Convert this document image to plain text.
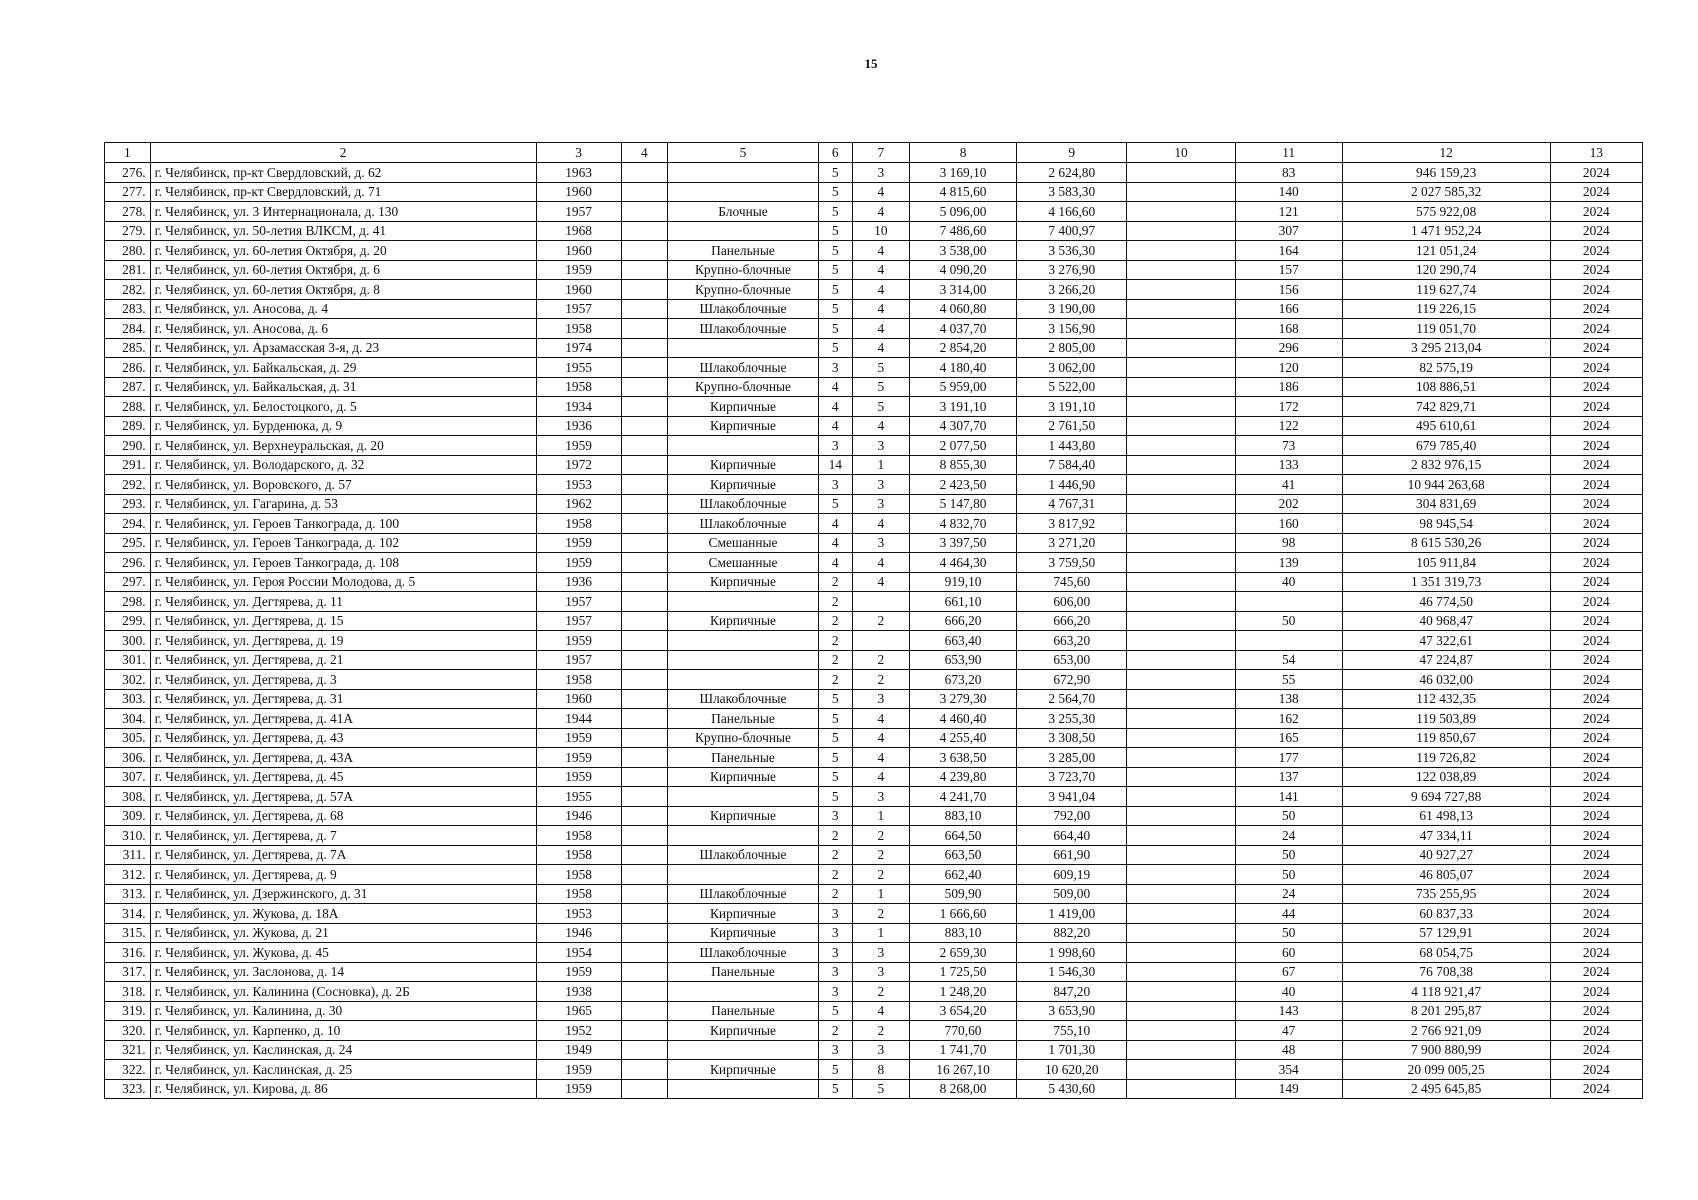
15
1	2	3	4	5	6	7	8	9	10	11	12	13
276.	г. Челябинск, пр-кт Свердловский, д. 62	1963			5	3	3 169,10	2 624,80		83	946 159,23	2024
277.	г. Челябинск, пр-кт Свердловский, д. 71	1960			5	4	4 815,60	3 583,30		140	2 027 585,32	2024
278.	г. Челябинск, ул. 3 Интернационала, д. 130	1957		Блочные	5	4	5 096,00	4 166,60		121	575 922,08	2024
279.	г. Челябинск, ул. 50-летия ВЛКСМ, д. 41	1968			5	10	7 486,60	7 400,97		307	1 471 952,24	2024
280.	г. Челябинск, ул. 60-летия Октября, д. 20	1960		Панельные	5	4	3 538,00	3 536,30		164	121 051,24	2024
281.	г. Челябинск, ул. 60-летия Октября, д. 6	1959		Крупно-блочные	5	4	4 090,20	3 276,90		157	120 290,74	2024
282.	г. Челябинск, ул. 60-летия Октября, д. 8	1960		Крупно-блочные	5	4	3 314,00	3 266,20		156	119 627,74	2024
283.	г. Челябинск, ул. Аносова, д. 4	1957		Шлакоблочные	5	4	4 060,80	3 190,00		166	119 226,15	2024
284.	г. Челябинск, ул. Аносова, д. 6	1958		Шлакоблочные	5	4	4 037,70	3 156,90		168	119 051,70	2024
285.	г. Челябинск, ул. Арзамасская 3-я, д. 23	1974			5	4	2 854,20	2 805,00		296	3 295 213,04	2024
286.	г. Челябинск, ул. Байкальская, д. 29	1955		Шлакоблочные	3	5	4 180,40	3 062,00		120	82 575,19	2024
287.	г. Челябинск, ул. Байкальская, д. 31	1958		Крупно-блочные	4	5	5 959,00	5 522,00		186	108 886,51	2024
288.	г. Челябинск, ул. Белостоцкого, д. 5	1934		Кирпичные	4	5	3 191,10	3 191,10		172	742 829,71	2024
289.	г. Челябинск, ул. Бурденюка, д. 9	1936		Кирпичные	4	4	4 307,70	2 761,50		122	495 610,61	2024
290.	г. Челябинск, ул. Верхнеуральская, д. 20	1959			3	3	2 077,50	1 443,80		73	679 785,40	2024
291.	г. Челябинск, ул. Володарского, д. 32	1972		Кирпичные	14	1	8 855,30	7 584,40		133	2 832 976,15	2024
292.	г. Челябинск, ул. Воровского, д. 57	1953		Кирпичные	3	3	2 423,50	1 446,90		41	10 944 263,68	2024
293.	г. Челябинск, ул. Гагарина, д. 53	1962		Шлакоблочные	5	3	5 147,80	4 767,31		202	304 831,69	2024
294.	г. Челябинск, ул. Героев Танкограда, д. 100	1958		Шлакоблочные	4	4	4 832,70	3 817,92		160	98 945,54	2024
295.	г. Челябинск, ул. Героев Танкограда, д. 102	1959		Смешанные	4	3	3 397,50	3 271,20		98	8 615 530,26	2024
296.	г. Челябинск, ул. Героев Танкограда, д. 108	1959		Смешанные	4	4	4 464,30	3 759,50		139	105 911,84	2024
297.	г. Челябинск, ул. Героя России Молодова, д. 5	1936		Кирпичные	2	4	919,10	745,60		40	1 351 319,73	2024
298.	г. Челябинск, ул. Дегтярева, д. 11	1957			2		661,10	606,00			46 774,50	2024
299.	г. Челябинск, ул. Дегтярева, д. 15	1957		Кирпичные	2	2	666,20	666,20		50	40 968,47	2024
300.	г. Челябинск, ул. Дегтярева, д. 19	1959			2		663,40	663,20			47 322,61	2024
301.	г. Челябинск, ул. Дегтярева, д. 21	1957			2	2	653,90	653,00		54	47 224,87	2024
302.	г. Челябинск, ул. Дегтярева, д. 3	1958			2	2	673,20	672,90		55	46 032,00	2024
303.	г. Челябинск, ул. Дегтярева, д. 31	1960		Шлакоблочные	5	3	3 279,30	2 564,70		138	112 432,35	2024
304.	г. Челябинск, ул. Дегтярева, д. 41А	1944		Панельные	5	4	4 460,40	3 255,30		162	119 503,89	2024
305.	г. Челябинск, ул. Дегтярева, д. 43	1959		Крупно-блочные	5	4	4 255,40	3 308,50		165	119 850,67	2024
306.	г. Челябинск, ул. Дегтярева, д. 43А	1959		Панельные	5	4	3 638,50	3 285,00		177	119 726,82	2024
307.	г. Челябинск, ул. Дегтярева, д. 45	1959		Кирпичные	5	4	4 239,80	3 723,70		137	122 038,89	2024
308.	г. Челябинск, ул. Дегтярева, д. 57А	1955			5	3	4 241,70	3 941,04		141	9 694 727,88	2024
309.	г. Челябинск, ул. Дегтярева, д. 68	1946		Кирпичные	3	1	883,10	792,00		50	61 498,13	2024
310.	г. Челябинск, ул. Дегтярева, д. 7	1958			2	2	664,50	664,40		24	47 334,11	2024
311.	г. Челябинск, ул. Дегтярева, д. 7А	1958		Шлакоблочные	2	2	663,50	661,90		50	40 927,27	2024
312.	г. Челябинск, ул. Дегтярева, д. 9	1958			2	2	662,40	609,19		50	46 805,07	2024
313.	г. Челябинск, ул. Дзержинского, д. 31	1958		Шлакоблочные	2	1	509,90	509,00		24	735 255,95	2024
314.	г. Челябинск, ул. Жукова, д. 18А	1953		Кирпичные	3	2	1 666,60	1 419,00		44	60 837,33	2024
315.	г. Челябинск, ул. Жукова, д. 21	1946		Кирпичные	3	1	883,10	882,20		50	57 129,91	2024
316.	г. Челябинск, ул. Жукова, д. 45	1954		Шлакоблочные	3	3	2 659,30	1 998,60		60	68 054,75	2024
317.	г. Челябинск, ул. Заслонова, д. 14	1959		Панельные	3	3	1 725,50	1 546,30		67	76 708,38	2024
318.	г. Челябинск, ул. Калинина (Сосновка), д. 2Б	1938			3	2	1 248,20	847,20		40	4 118 921,47	2024
319.	г. Челябинск, ул. Калинина, д. 30	1965		Панельные	5	4	3 654,20	3 653,90		143	8 201 295,87	2024
320.	г. Челябинск, ул. Карпенко, д. 10	1952		Кирпичные	2	2	770,60	755,10		47	2 766 921,09	2024
321.	г. Челябинск, ул. Каслинская, д. 24	1949			3	3	1 741,70	1 701,30		48	7 900 880,99	2024
322.	г. Челябинск, ул. Каслинская, д. 25	1959		Кирпичные	5	8	16 267,10	10 620,20		354	20 099 005,25	2024
323.	г. Челябинск, ул. Кирова, д. 86	1959			5	5	8 268,00	5 430,60		149	2 495 645,85	2024
